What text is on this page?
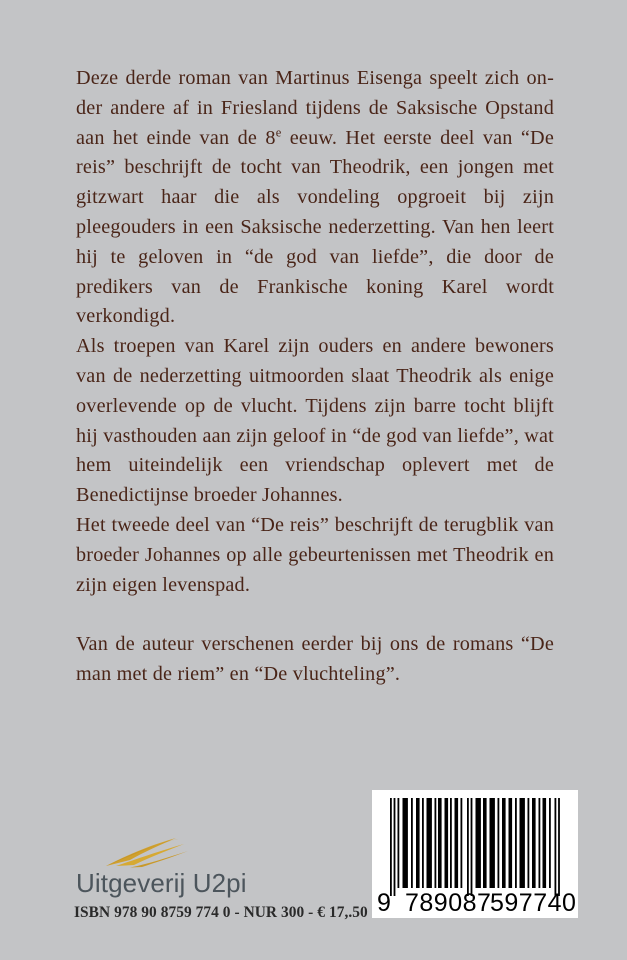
Deze derde roman van Martinus Eisenga speelt zich on-der andere af in Friesland tijdens de Saksische Opstand aan het einde van de 8e eeuw. Het eerste deel van “De reis” beschrijft de tocht van Theodrik, een jongen met gitzwart haar die als vondeling opgroeit bij zijn pleegouders in een Saksische nederzetting. Van hen leert hij te geloven in “de god van liefde”, die door de predikers van de Frankische koning Karel wordt verkondigd.

Als troepen van Karel zijn ouders en andere bewoners van de nederzetting uitmoorden slaat Theodrik als enige overlevende op de vlucht. Tijdens zijn barre tocht blijft hij vasthouden aan zijn geloof in “de god van liefde”, wat hem uiteindelijk een vriendschap oplevert met de Benedictijnse broeder Johannes.

Het tweede deel van “De reis” beschrijft de terugblik van broeder Johannes op alle gebeurtenissen met Theodrik en zijn eigen levenspad.

Van de auteur verschenen eerder bij ons de romans “De man met de riem” en “De vluchteling”.

Uitgeverij U2pi
ISBN 978 90 8759 774 0 - NUR 300 - € 17,.50 9 789087
597740
